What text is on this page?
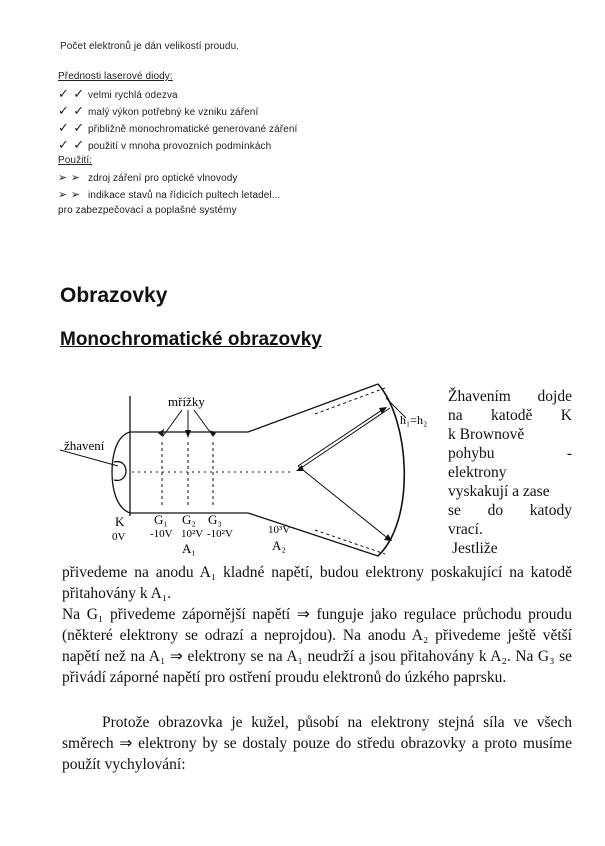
Počet elektronů je dán velikostí proudu.
Přednosti laserové diody:
✓ ✓ velmi rychlá odezva
✓ ✓ malý výkon potřebný ke vzniku záření
✓ ✓ přibližně monochromatické generované záření
✓ ✓ použití v mnoha provozních podmínkách
Použití:
➢ ➢ zdroj záření pro optické vlnovody
➢ ➢ indikace stavů na řídicích pultech letadel...
pro zabezpečovací a poplašné systémy
Obrazovky
Monochromatické obrazovky
mřížky
žhavení
h₁=h₂
K
0V
G₁ G₂ G₃
-10V 10²V -10²V
A₁
10³V
A₂
Žhavením dojde
na katodě K
k Brownově
pohybu -
elektrony
vyskakují a zase
se do katody
vrací.
Jestliže
přivedeme na anodu A₁ kladné napětí, budou elektrony poskakující na katodě přitahovány k A₁.
Na G₁ přivedeme zápornější napětí ⇒ funguje jako regulace průchodu proudu (některé elektrony se odrazí a neprojdou). Na anodu A₂ přivedeme ještě větší napětí než na A₁ ⇒ elektrony se na A₁ neudrží a jsou přitahovány k A₂. Na G₃ se přivádí záporné napětí pro ostření proudu elektronů do úzkého paprsku.
Protože obrazovka je kužel, působí na elektrony stejná síla ve všech směrech ⇒ elektrony by se dostaly pouze do středu obrazovky a proto musíme použít vychylování:
